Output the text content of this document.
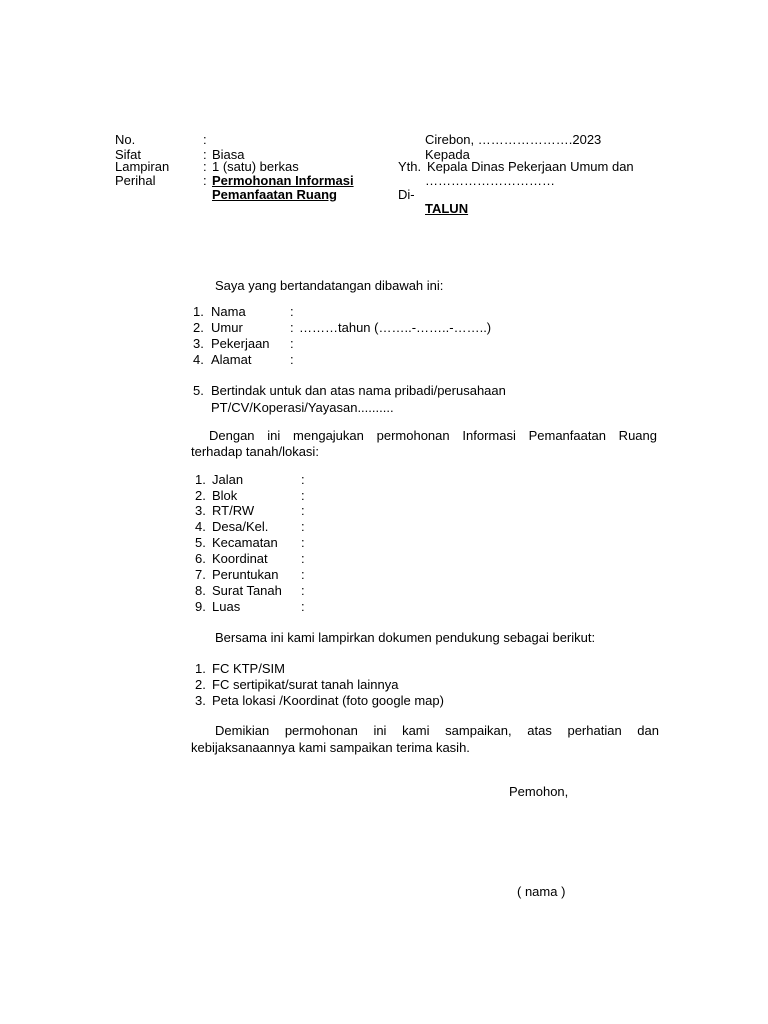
No.	:
Sifat	: Biasa
Lampiran	: 1 (satu) berkas
Perihal	: Permohonan Informasi
Pemanfaatan Ruang
Cirebon, ………………….2023
Kepada
Yth. Kepala Dinas Pekerjaan Umum dan
…………………………
Di-
TALUN
Saya yang bertandatangan dibawah ini:
1. Nama	:
2. Umur	: ………tahun (……..-……..-……..)
3. Pekerjaan :
4. Alamat	:
5. Bertindak untuk dan atas nama pribadi/perusahaan
PT/CV/Koperasi/Yayasan..........
Dengan ini mengajukan permohonan Informasi Pemanfaatan Ruang terhadap tanah/lokasi:
1. Jalan	:
2. Blok	:
3. RT/RW	:
4. Desa/Kel.	:
5. Kecamatan :
6. Koordinat	:
7. Peruntukan :
8. Surat Tanah :
9. Luas	:
Bersama ini kami lampirkan dokumen pendukung sebagai berikut:
1. FC KTP/SIM
2. FC sertipikat/surat tanah lainnya
3. Peta lokasi /Koordinat (foto google map)
Demikian permohonan ini kami sampaikan, atas perhatian dan kebijaksanaannya kami sampaikan terima kasih.
Pemohon,
( nama )
